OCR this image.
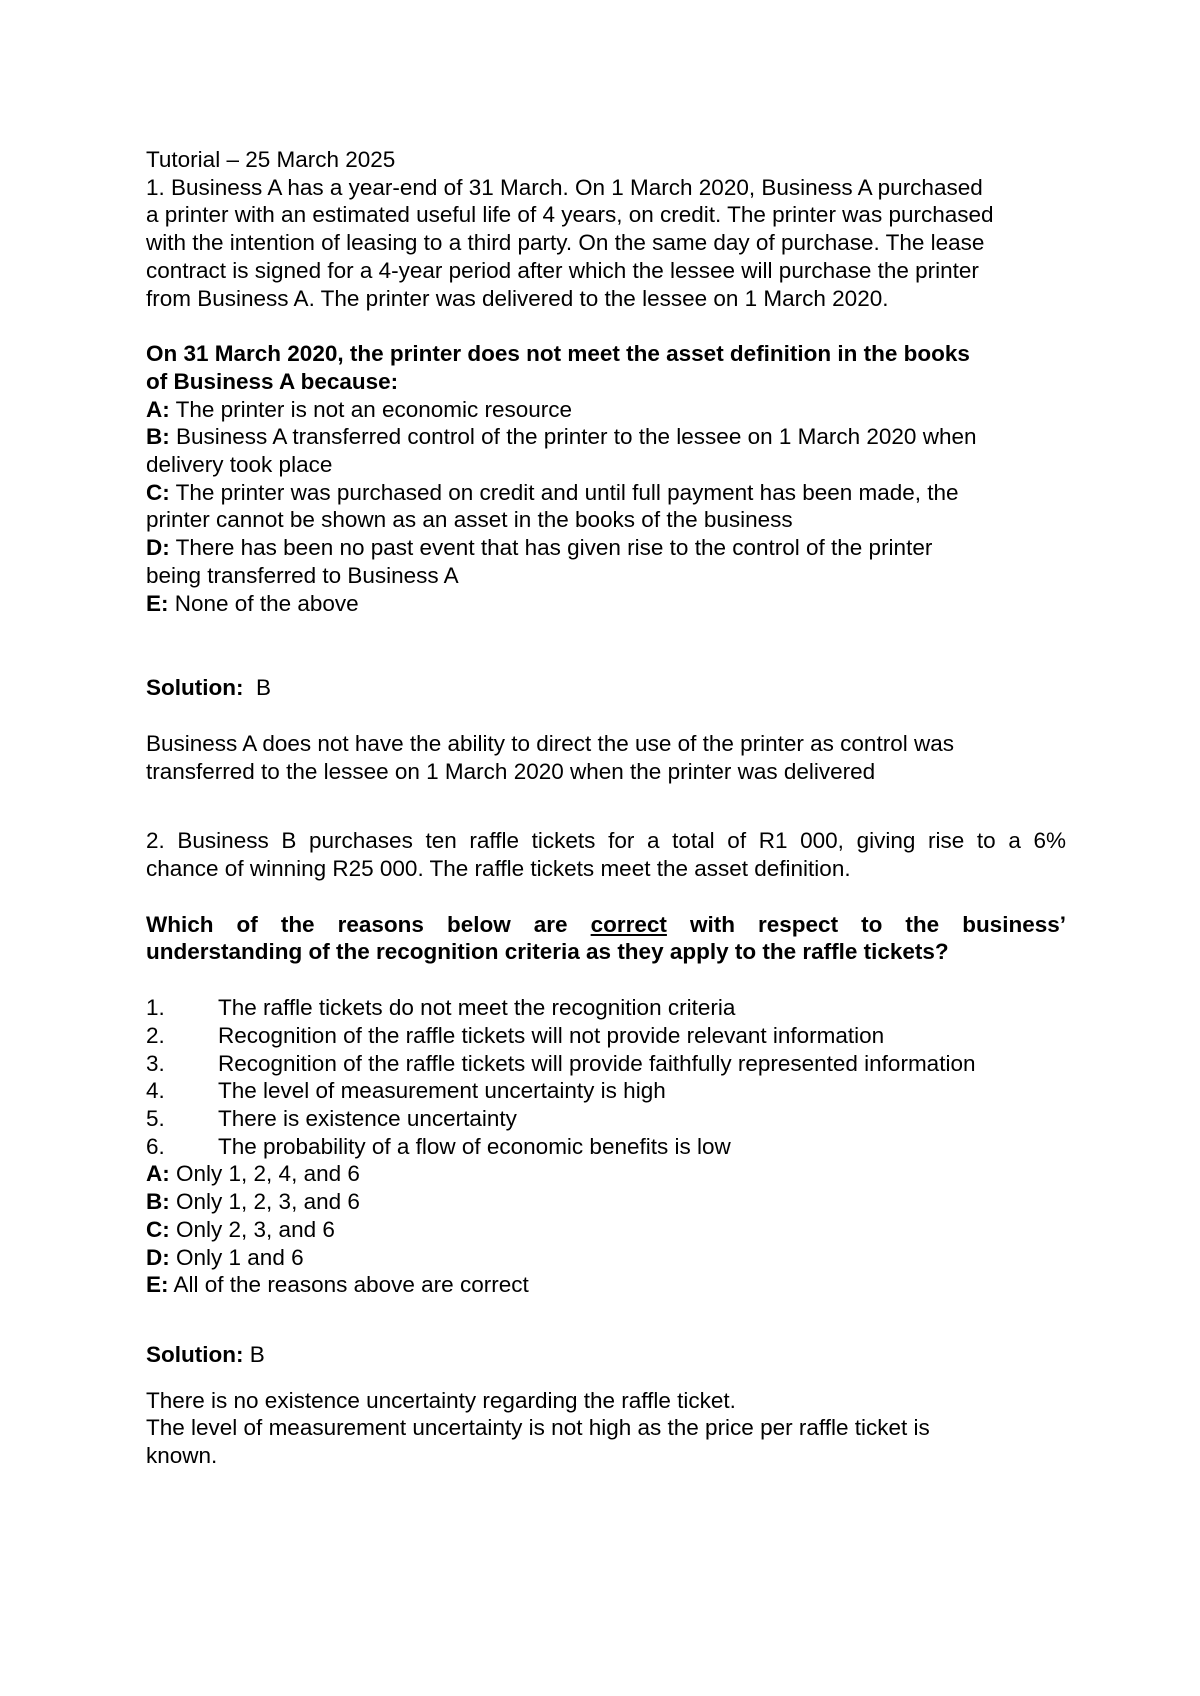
Tutorial – 25 March 2025
1. Business A has a year-end of 31 March. On 1 March 2020, Business A purchased
a printer with an estimated useful life of 4 years, on credit. The printer was purchased
with the intention of leasing to a third party. On the same day of purchase. The lease
contract is signed for a 4-year period after which the lessee will purchase the printer
from Business A. The printer was delivered to the lessee on 1 March 2020.
On 31 March 2020, the printer does not meet the asset definition in the books
of Business A because:
A: The printer is not an economic resource
B: Business A transferred control of the printer to the lessee on 1 March 2020 when
delivery took place
C: The printer was purchased on credit and until full payment has been made, the
printer cannot be shown as an asset in the books of the business
D: There has been no past event that has given rise to the control of the printer
being transferred to Business A
E: None of the above
Solution: B
Business A does not have the ability to direct the use of the printer as control was
transferred to the lessee on 1 March 2020 when the printer was delivered
2. Business B purchases ten raffle tickets for a total of R1 000, giving rise to a 6%
chance of winning R25 000. The raffle tickets meet the asset definition.
Which of the reasons below are correct with respect to the business’
understanding of the recognition criteria as they apply to the raffle tickets?
1.	The raffle tickets do not meet the recognition criteria
2.	Recognition of the raffle tickets will not provide relevant information
3.	Recognition of the raffle tickets will provide faithfully represented information
4.	The level of measurement uncertainty is high
5.	There is existence uncertainty
6.	The probability of a flow of economic benefits is low
A: Only 1, 2, 4, and 6
B: Only 1, 2, 3, and 6
C: Only 2, 3, and 6
D: Only 1 and 6
E: All of the reasons above are correct
Solution: B
There is no existence uncertainty regarding the raffle ticket.
The level of measurement uncertainty is not high as the price per raffle ticket is
known.
